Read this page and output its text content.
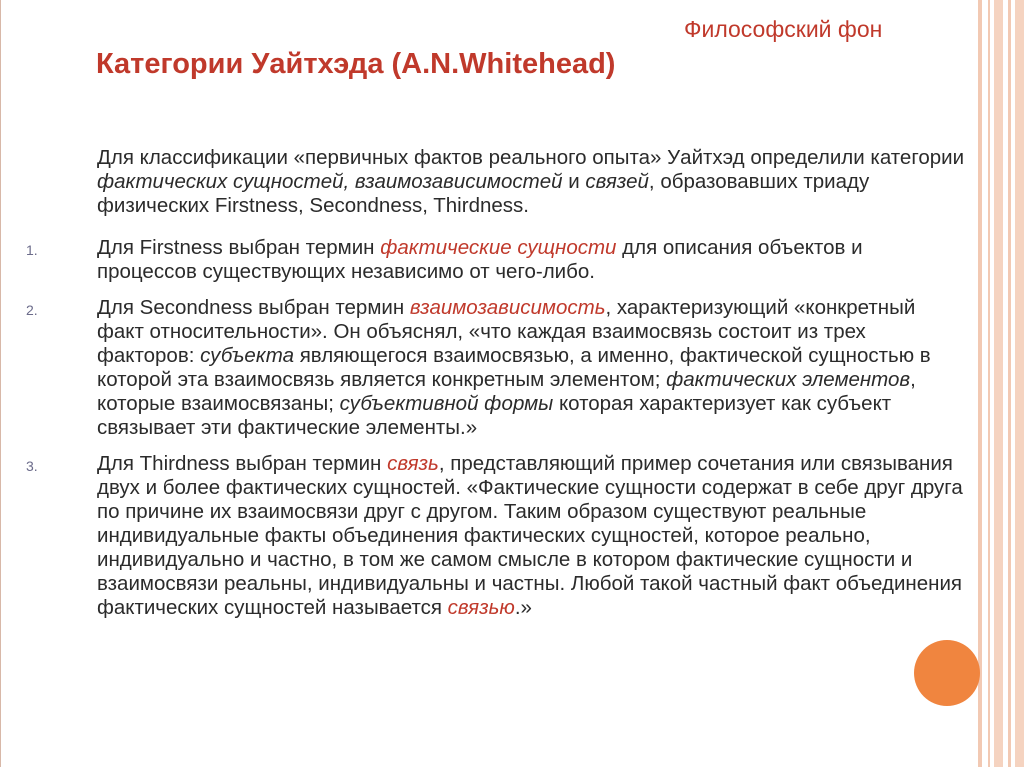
Философский фон
Категории Уайтхэда (A.N.Whitehead)

Для классификации «первичных фактов реального опыта» Уайтхэд определили категории фактических сущностей, взаимозависимостей и связей, образовавших триаду физических Firstness, Secondness, Thirdness.

1.	Для Firstness выбран термин фактические сущности для описания объектов и процессов существующих независимо от чего-либо.

2.	Для Secondness выбран термин взаимозависимость, характеризующий «конкретный факт относительности». Он объяснял, «что каждая взаимосвязь состоит из трех факторов: субъекта являющегося взаимосвязью, а именно, фактической сущностью в которой эта взаимосвязь является конкретным элементом; фактических элементов, которые взаимосвязаны; субъективной формы которая характеризует как субъект связывает эти фактические элементы.»

3.	Для Thirdness выбран термин связь, представляющий пример сочетания или связывания двух и более фактических сущностей. «Фактические сущности содержат в себе друг друга по причине их взаимосвязи друг с другом. Таким образом существуют реальные индивидуальные факты объединения фактических сущностей, которое реально, индивидуально и частно, в том же самом смысле в котором фактические сущности и взаимосвязи реальны, индивидуальны и частны. Любой такой частный факт объединения фактических сущностей называется связью.»
